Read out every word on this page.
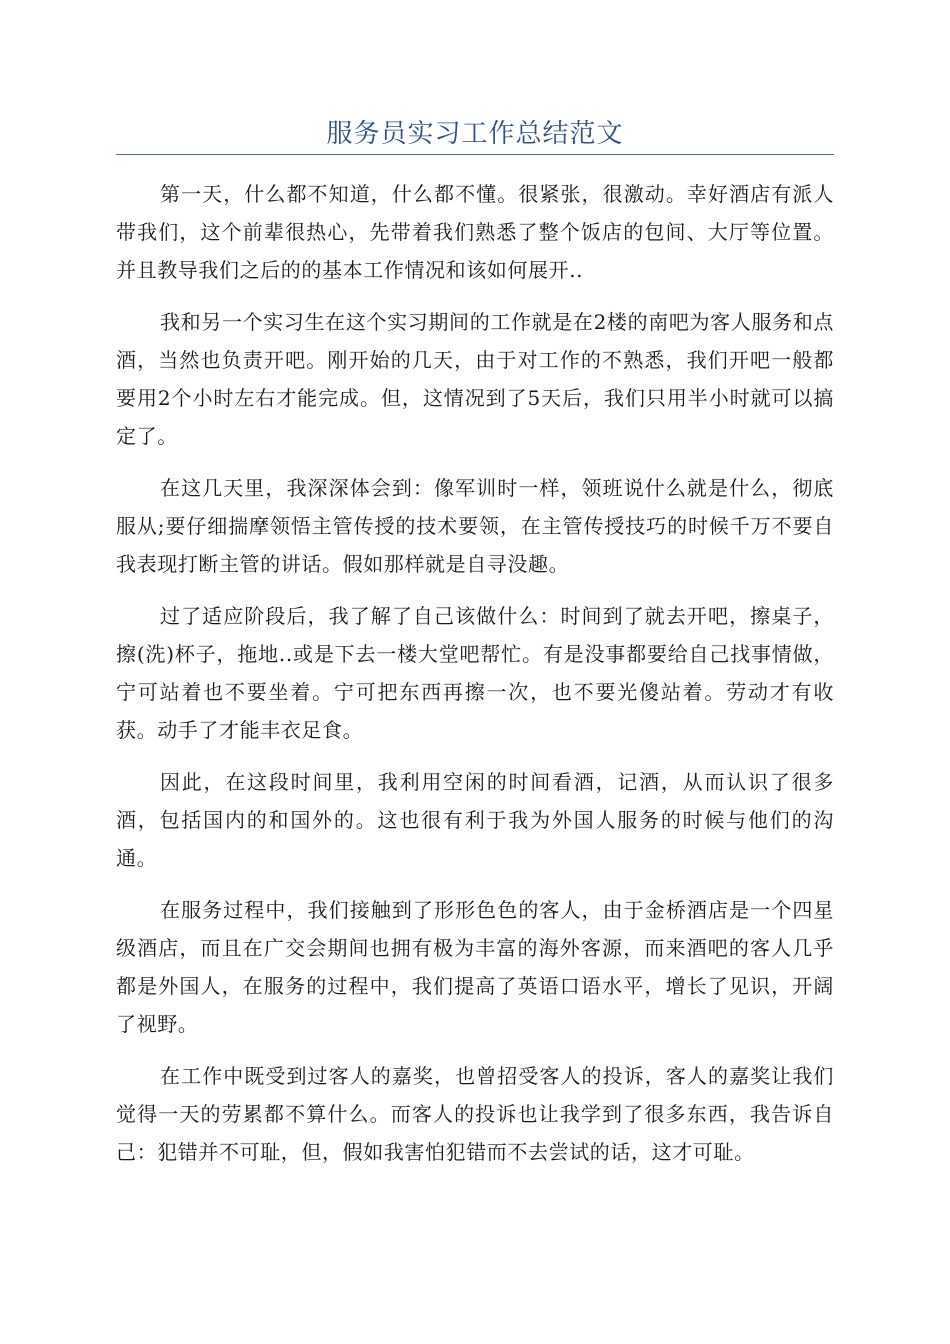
服务员实习工作总结范文

第一天，什么都不知道，什么都不懂。很紧张，很激动。幸好酒店有派人带我们，这个前辈很热心，先带着我们熟悉了整个饭店的包间、大厅等位置。并且教导我们之后的的基本工作情况和该如何展开..

我和另一个实习生在这个实习期间的工作就是在2楼的南吧为客人服务和点酒，当然也负责开吧。刚开始的几天，由于对工作的不熟悉，我们开吧一般都要用2个小时左右才能完成。但，这情况到了5天后，我们只用半小时就可以搞定了。

在这几天里，我深深体会到：像军训时一样，领班说什么就是什么，彻底服从;要仔细揣摩领悟主管传授的技术要领，在主管传授技巧的时候千万不要自我表现打断主管的讲话。假如那样就是自寻没趣。

过了适应阶段后，我了解了自己该做什么：时间到了就去开吧，擦桌子，擦(洗)杯子，拖地..或是下去一楼大堂吧帮忙。有是没事都要给自己找事情做，宁可站着也不要坐着。宁可把东西再擦一次，也不要光傻站着。劳动才有收获。动手了才能丰衣足食。

因此，在这段时间里，我利用空闲的时间看酒，记酒，从而认识了很多酒，包括国内的和国外的。这也很有利于我为外国人服务的时候与他们的沟通。

在服务过程中，我们接触到了形形色色的客人，由于金桥酒店是一个四星级酒店，而且在广交会期间也拥有极为丰富的海外客源，而来酒吧的客人几乎都是外国人，在服务的过程中，我们提高了英语口语水平，增长了见识，开阔了视野。

在工作中既受到过客人的嘉奖，也曾招受客人的投诉，客人的嘉奖让我们觉得一天的劳累都不算什么。而客人的投诉也让我学到了很多东西，我告诉自己：犯错并不可耻，但，假如我害怕犯错而不去尝试的话，这才可耻。
